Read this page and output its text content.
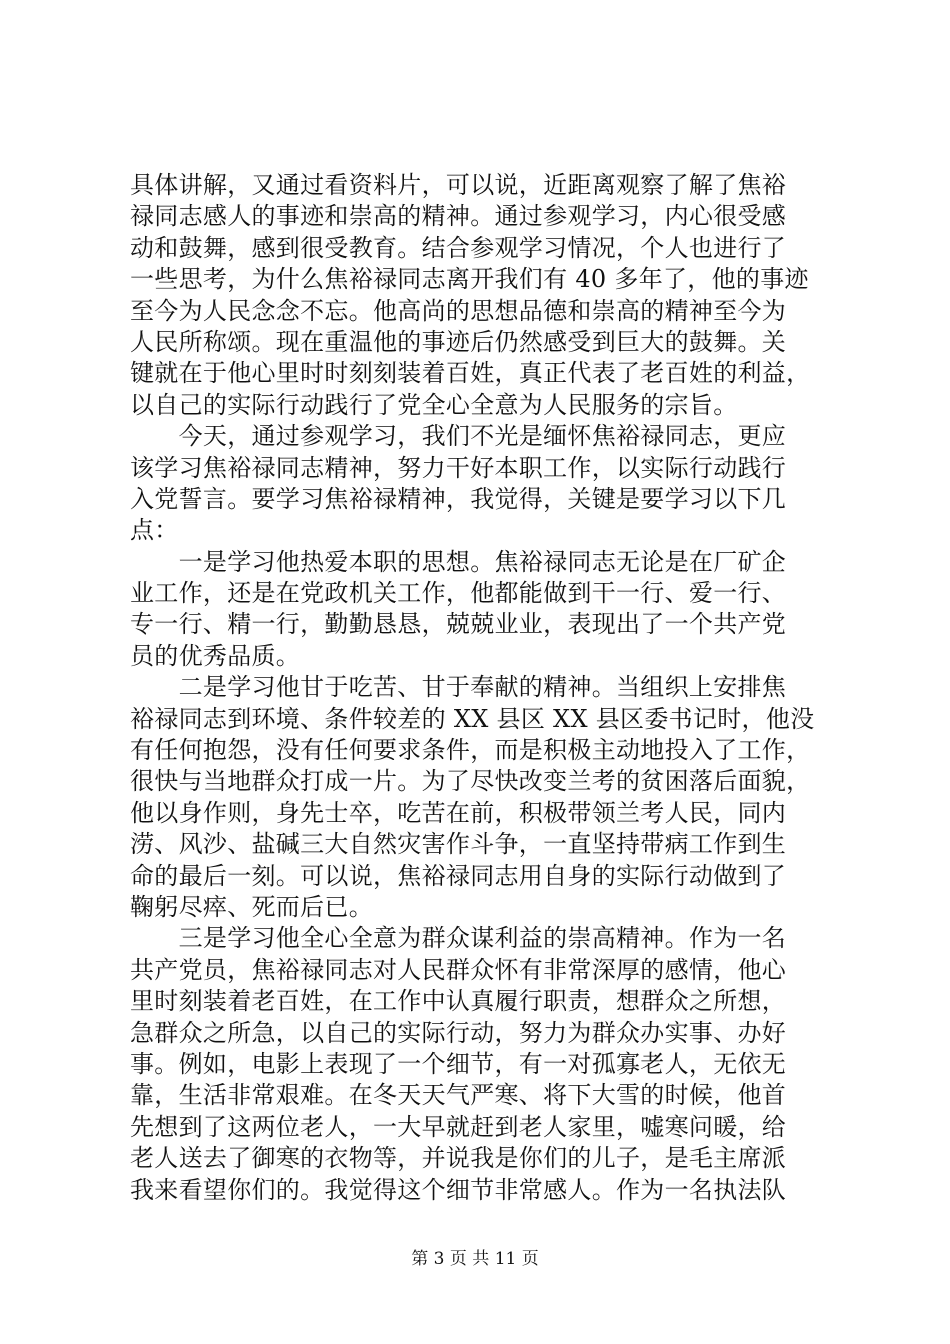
具体讲解，又通过看资料片，可以说，近距离观察了解了焦裕
禄同志感人的事迹和崇高的精神。通过参观学习，内心很受感
动和鼓舞，感到很受教育。结合参观学习情况，个人也进行了
一些思考，为什么焦裕禄同志离开我们有 40 多年了，他的事迹
至今为人民念念不忘。他高尚的思想品德和崇高的精神至今为
人民所称颂。现在重温他的事迹后仍然感受到巨大的鼓舞。关
键就在于他心里时时刻刻装着百姓，真正代表了老百姓的利益，
以自己的实际行动践行了党全心全意为人民服务的宗旨。
　　今天，通过参观学习，我们不光是缅怀焦裕禄同志，更应
该学习焦裕禄同志精神，努力干好本职工作，以实际行动践行
入党誓言。要学习焦裕禄精神，我觉得，关键是要学习以下几
点：
　　一是学习他热爱本职的思想。焦裕禄同志无论是在厂矿企
业工作，还是在党政机关工作，他都能做到干一行、爱一行、
专一行、精一行，勤勤恳恳，兢兢业业，表现出了一个共产党
员的优秀品质。
　　二是学习他甘于吃苦、甘于奉献的精神。当组织上安排焦
裕禄同志到环境、条件较差的 XX 县区 XX 县区委书记时，他没
有任何抱怨，没有任何要求条件，而是积极主动地投入了工作，
很快与当地群众打成一片。为了尽快改变兰考的贫困落后面貌，
他以身作则，身先士卒，吃苦在前，积极带领兰考人民，同内
涝、风沙、盐碱三大自然灾害作斗争，一直坚持带病工作到生
命的最后一刻。可以说，焦裕禄同志用自身的实际行动做到了
鞠躬尽瘁、死而后已。
　　三是学习他全心全意为群众谋利益的崇高精神。作为一名
共产党员，焦裕禄同志对人民群众怀有非常深厚的感情，他心
里时刻装着老百姓，在工作中认真履行职责，想群众之所想，
急群众之所急，以自己的实际行动，努力为群众办实事、办好
事。例如，电影上表现了一个细节，有一对孤寡老人，无依无
靠，生活非常艰难。在冬天天气严寒、将下大雪的时候，他首
先想到了这两位老人，一大早就赶到老人家里，嘘寒问暖，给
老人送去了御寒的衣物等，并说我是你们的儿子，是毛主席派
我来看望你们的。我觉得这个细节非常感人。作为一名执法队
第 3 页 共 11 页
